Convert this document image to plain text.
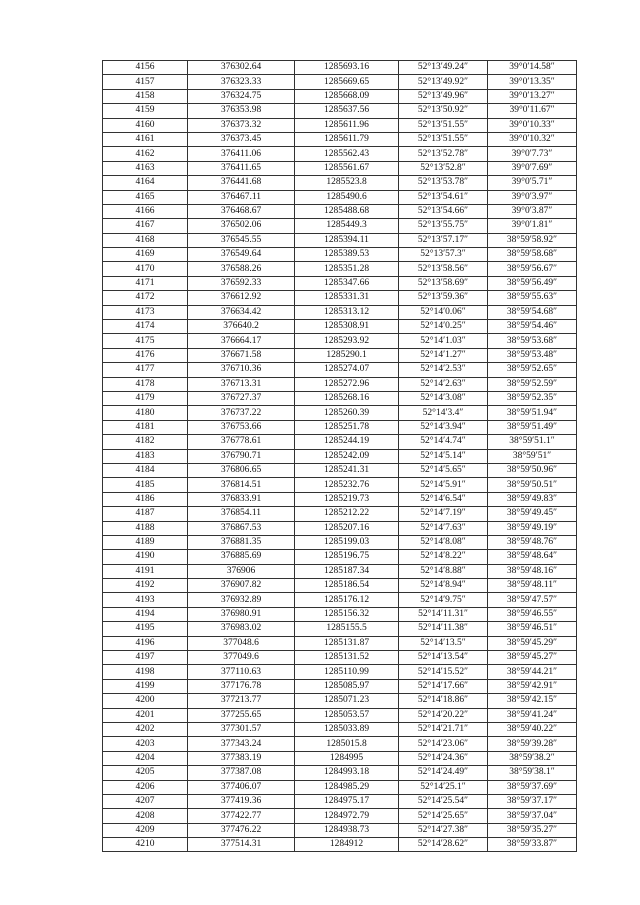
4156	376302.64	1285693.16	52°13′49.24″	39°0′14.58″
4157	376323.33	1285669.65	52°13′49.92″	39°0′13.35″
4158	376324.75	1285668.09	52°13′49.96″	39°0′13.27″
4159	376353.98	1285637.56	52°13′50.92″	39°0′11.67″
4160	376373.32	1285611.96	52°13′51.55″	39°0′10.33″
4161	376373.45	1285611.79	52°13′51.55″	39°0′10.32″
4162	376411.06	1285562.43	52°13′52.78″	39°0′7.73″
4163	376411.65	1285561.67	52°13′52.8″	39°0′7.69″
4164	376441.68	1285523.8	52°13′53.78″	39°0′5.71″
4165	376467.11	1285490.6	52°13′54.61″	39°0′3.97″
4166	376468.67	1285488.68	52°13′54.66″	39°0′3.87″
4167	376502.06	1285449.3	52°13′55.75″	39°0′1.81″
4168	376545.55	1285394.11	52°13′57.17″	38°59′58.92″
4169	376549.64	1285389.53	52°13′57.3″	38°59′58.68″
4170	376588.26	1285351.28	52°13′58.56″	38°59′56.67″
4171	376592.33	1285347.66	52°13′58.69″	38°59′56.49″
4172	376612.92	1285331.31	52°13′59.36″	38°59′55.63″
4173	376634.42	1285313.12	52°14′0.06″	38°59′54.68″
4174	376640.2	1285308.91	52°14′0.25″	38°59′54.46″
4175	376664.17	1285293.92	52°14′1.03″	38°59′53.68″
4176	376671.58	1285290.1	52°14′1.27″	38°59′53.48″
4177	376710.36	1285274.07	52°14′2.53″	38°59′52.65″
4178	376713.31	1285272.96	52°14′2.63″	38°59′52.59″
4179	376727.37	1285268.16	52°14′3.08″	38°59′52.35″
4180	376737.22	1285260.39	52°14′3.4″	38°59′51.94″
4181	376753.66	1285251.78	52°14′3.94″	38°59′51.49″
4182	376778.61	1285244.19	52°14′4.74″	38°59′51.1″
4183	376790.71	1285242.09	52°14′5.14″	38°59′51″
4184	376806.65	1285241.31	52°14′5.65″	38°59′50.96″
4185	376814.51	1285232.76	52°14′5.91″	38°59′50.51″
4186	376833.91	1285219.73	52°14′6.54″	38°59′49.83″
4187	376854.11	1285212.22	52°14′7.19″	38°59′49.45″
4188	376867.53	1285207.16	52°14′7.63″	38°59′49.19″
4189	376881.35	1285199.03	52°14′8.08″	38°59′48.76″
4190	376885.69	1285196.75	52°14′8.22″	38°59′48.64″
4191	376906	1285187.34	52°14′8.88″	38°59′48.16″
4192	376907.82	1285186.54	52°14′8.94″	38°59′48.11″
4193	376932.89	1285176.12	52°14′9.75″	38°59′47.57″
4194	376980.91	1285156.32	52°14′11.31″	38°59′46.55″
4195	376983.02	1285155.5	52°14′11.38″	38°59′46.51″
4196	377048.6	1285131.87	52°14′13.5″	38°59′45.29″
4197	377049.6	1285131.52	52°14′13.54″	38°59′45.27″
4198	377110.63	1285110.99	52°14′15.52″	38°59′44.21″
4199	377176.78	1285085.97	52°14′17.66″	38°59′42.91″
4200	377213.77	1285071.23	52°14′18.86″	38°59′42.15″
4201	377255.65	1285053.57	52°14′20.22″	38°59′41.24″
4202	377301.57	1285033.89	52°14′21.71″	38°59′40.22″
4203	377343.24	1285015.8	52°14′23.06″	38°59′39.28″
4204	377383.19	1284995	52°14′24.36″	38°59′38.2″
4205	377387.08	1284993.18	52°14′24.49″	38°59′38.1″
4206	377406.07	1284985.29	52°14′25.1″	38°59′37.69″
4207	377419.36	1284975.17	52°14′25.54″	38°59′37.17″
4208	377422.77	1284972.79	52°14′25.65″	38°59′37.04″
4209	377476.22	1284938.73	52°14′27.38″	38°59′35.27″
4210	377514.31	1284912	52°14′28.62″	38°59′33.87″
